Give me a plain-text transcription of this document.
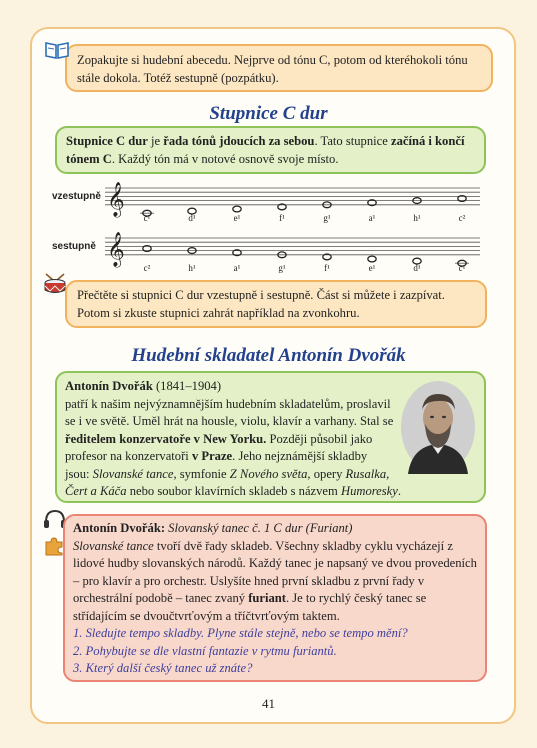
Zopakujte si hudební abecedu. Nejprve od tónu C, potom od kteréhokoli tónu stále dokola. Totéž sestupně (pozpátku).
Stupnice C dur
Stupnice C dur je řada tónů jdoucích za sebou. Tato stupnice začíná i končí tónem C. Každý tón má v notové osnově svoje místo.
vzestupně
sestupně
𝄞
c¹	d¹	e¹	f¹	g¹	a¹	h¹	c²
𝄞
c²	h¹	a¹	g¹	f¹	e¹	d¹	c¹
Přečtěte si stupnici C dur vzestupně i sestupně. Část si můžete i zazpívat. Potom si zkuste stupnici zahrát například na zvonkohru.
Hudební skladatel Antonín Dvořák
Antonín Dvořák (1841–1904)
patří k našim nejvýznamnějším hudebním skladatelům, proslavil se i ve světě. Uměl hrát na housle, violu, klavír a varhany. Stal se ředitelem konzervatoře v New Yorku. Později působil jako profesor na konzervatoři v Praze. Jeho nejznámější skladby jsou: Slovanské tance, symfonie Z Nového světa, opery Rusalka, Čert a Káča nebo soubor klavírních skladeb s názvem Humoresky.
Antonín Dvořák: Slovanský tanec č. 1 C dur (Furiant)
Slovanské tance tvoří dvě řady skladeb. Všechny skladby cyklu vycházejí z lidové hudby slovanských národů. Každý tanec je napsaný ve dvou provedeních – pro klavír a pro orchestr. Uslyšíte hned první skladbu z první řady v orchestrální podobě – tanec zvaný furiant. Je to rychlý český tanec se střídajícím se dvoučtvrťovým a tříčtvrťovým taktem.
1. Sledujte tempo skladby. Plyne stále stejně, nebo se tempo mění?
2. Pohybujte se dle vlastní fantazie v rytmu furiantů.
3. Který další český tanec už znáte?
41
